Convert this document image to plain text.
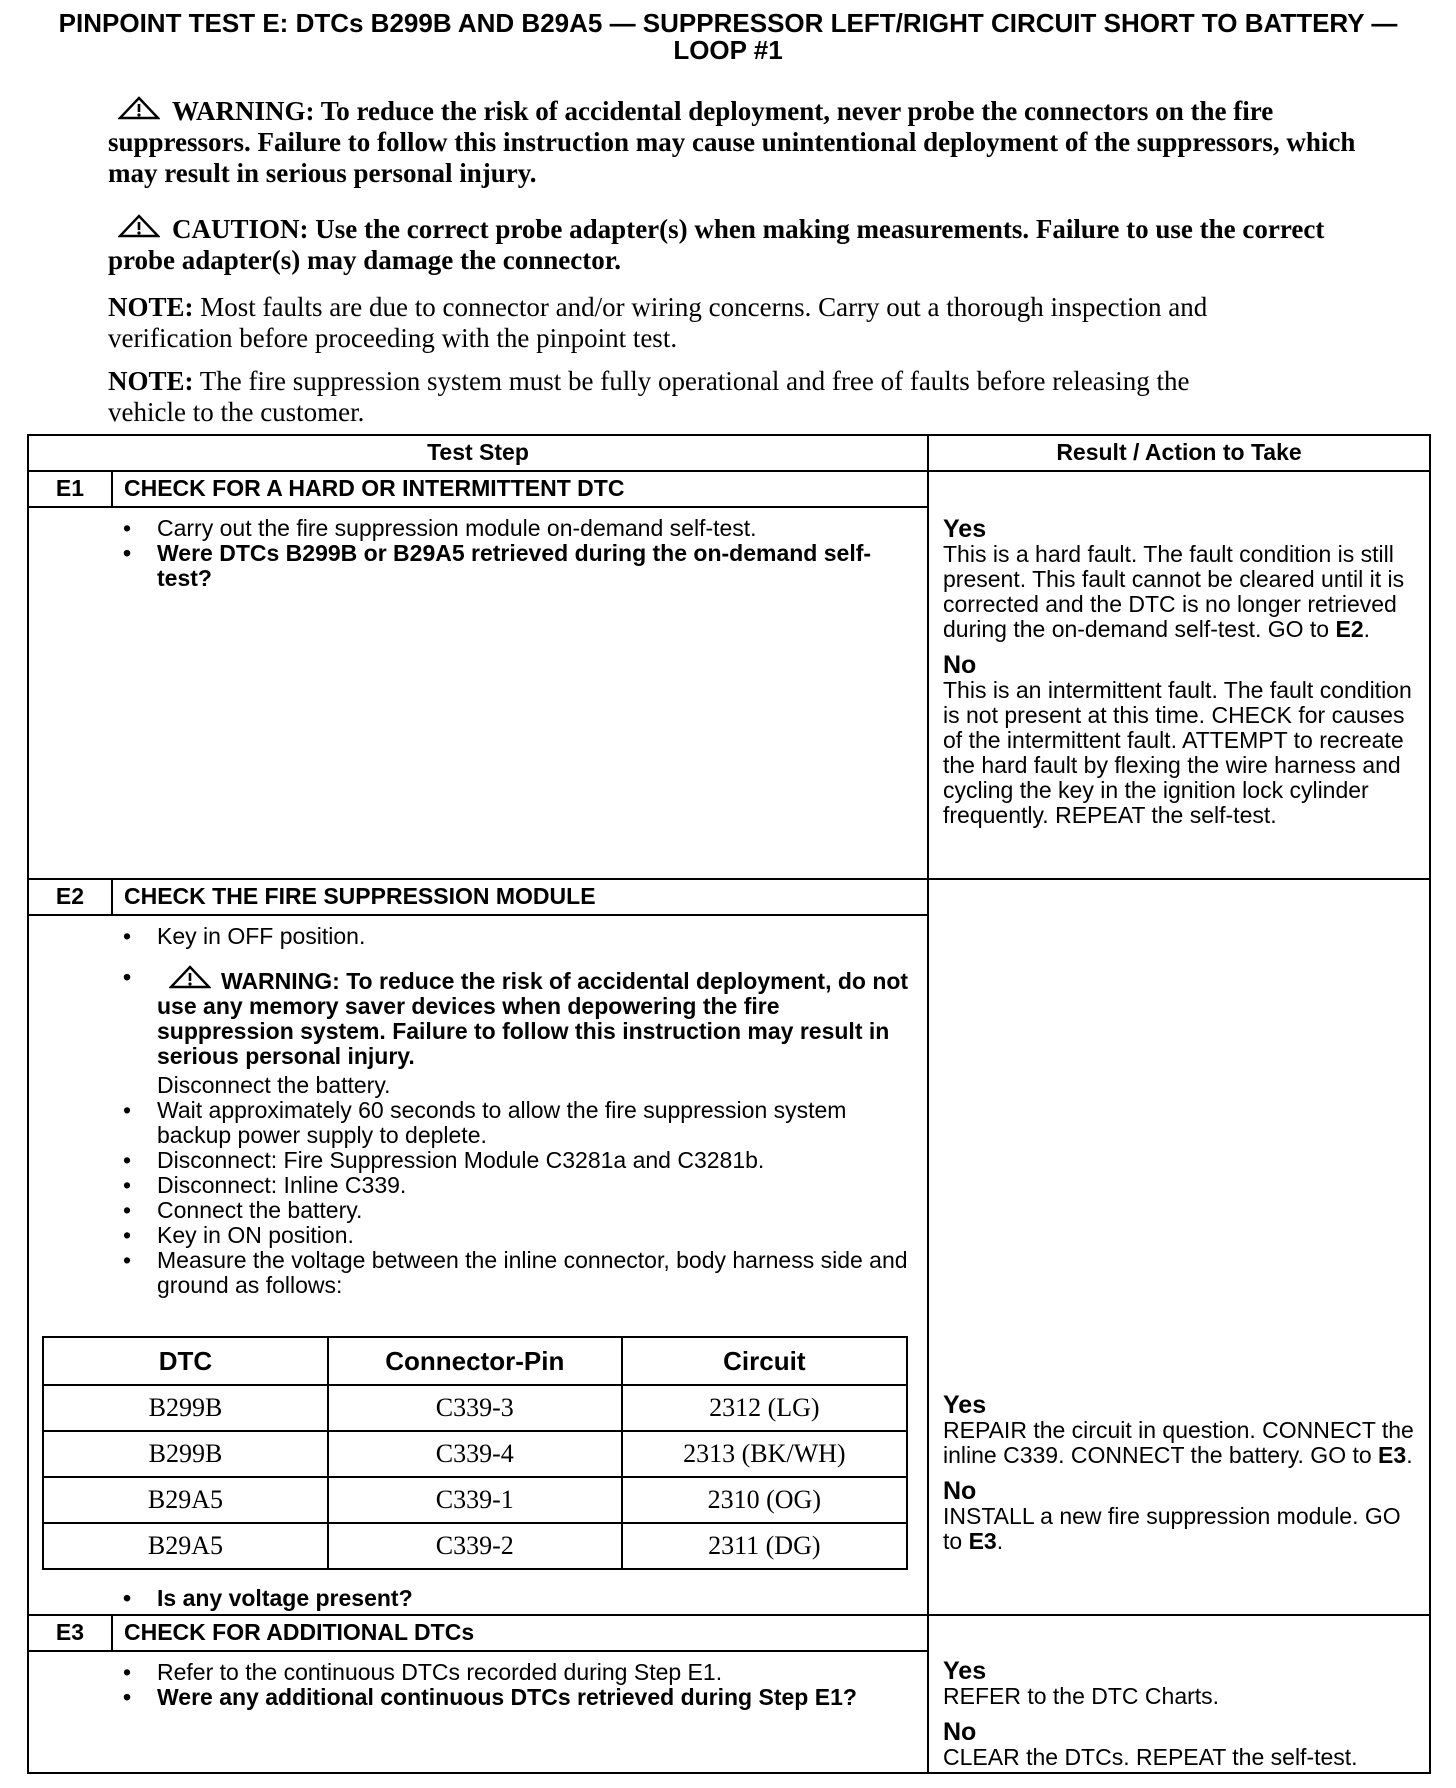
PINPOINT TEST E: DTCs B299B AND B29A5 — SUPPRESSOR LEFT/RIGHT CIRCUIT SHORT TO BATTERY — LOOP #1
WARNING: To reduce the risk of accidental deployment, never probe the connectors on the fire suppressors. Failure to follow this instruction may cause unintentional deployment of the suppressors, which may result in serious personal injury.
CAUTION: Use the correct probe adapter(s) when making measurements. Failure to use the correct probe adapter(s) may damage the connector.
NOTE: Most faults are due to connector and/or wiring concerns. Carry out a thorough inspection and verification before proceeding with the pinpoint test.
NOTE: The fire suppression system must be fully operational and free of faults before releasing the vehicle to the customer.
Test Step	Result / Action to Take
E1	CHECK FOR A HARD OR INTERMITTENT DTC
• Carry out the fire suppression module on-demand self-test.
• Were DTCs B299B or B29A5 retrieved during the on-demand self-test?
Yes
This is a hard fault. The fault condition is still present. This fault cannot be cleared until it is corrected and the DTC is no longer retrieved during the on-demand self-test. GO to E2.
No
This is an intermittent fault. The fault condition is not present at this time. CHECK for causes of the intermittent fault. ATTEMPT to recreate the hard fault by flexing the wire harness and cycling the key in the ignition lock cylinder frequently. REPEAT the self-test.
E2	CHECK THE FIRE SUPPRESSION MODULE
• Key in OFF position.
• WARNING: To reduce the risk of accidental deployment, do not use any memory saver devices when depowering the fire suppression system. Failure to follow this instruction may result in serious personal injury.
Disconnect the battery.
• Wait approximately 60 seconds to allow the fire suppression system backup power supply to deplete.
• Disconnect: Fire Suppression Module C3281a and C3281b.
• Disconnect: Inline C339.
• Connect the battery.
• Key in ON position.
• Measure the voltage between the inline connector, body harness side and ground as follows:
• Is any voltage present?
Yes
REPAIR the circuit in question. CONNECT the inline C339. CONNECT the battery. GO to E3.
No
INSTALL a new fire suppression module. GO to E3.
E3	CHECK FOR ADDITIONAL DTCs
• Refer to the continuous DTCs recorded during Step E1.
• Were any additional continuous DTCs retrieved during Step E1?
Yes
REFER to the DTC Charts.
No
CLEAR the DTCs. REPEAT the self-test.
DTC	Connector-Pin	Circuit
B299B	C339-3	2312 (LG)
B299B	C339-4	2313 (BK/WH)
B29A5	C339-1	2310 (OG)
B29A5	C339-2	2311 (DG)
